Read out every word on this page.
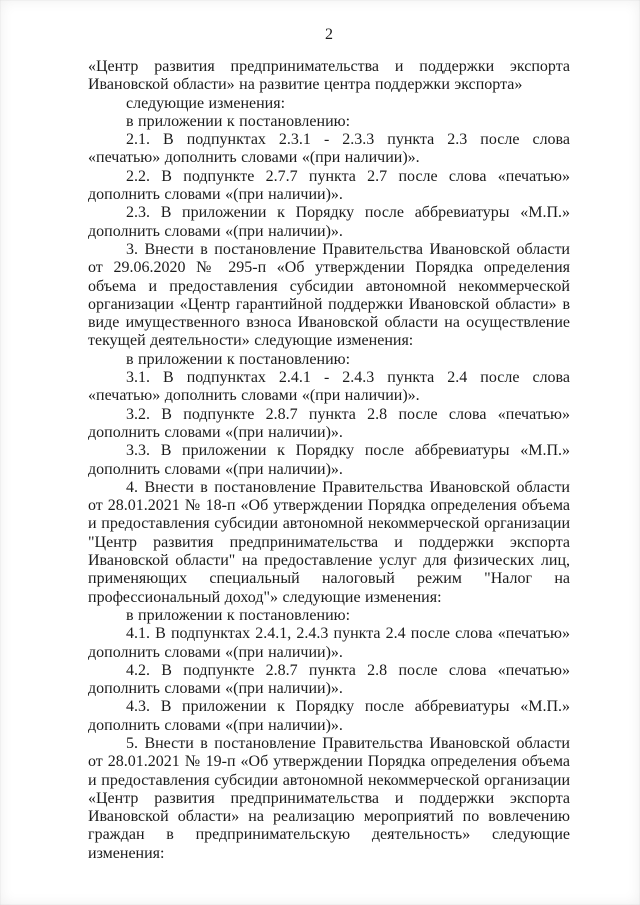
2

«Центр развития предпринимательства и поддержки экспорта Ивановской области» на развитие центра поддержки экспорта»

следующие изменения:

в приложении к постановлению:

2.1. В подпунктах 2.3.1 - 2.3.3 пункта 2.3 после слова «печатью» дополнить словами «(при наличии)».

2.2. В подпункте 2.7.7 пункта 2.7 после слова «печатью» дополнить словами «(при наличии)».

2.3. В приложении к Порядку после аббревиатуры «М.П.» дополнить словами «(при наличии)».

3. Внести в постановление Правительства Ивановской области от 29.06.2020 № 295-п «Об утверждении Порядка определения объема и предоставления субсидии автономной некоммерческой организации «Центр гарантийной поддержки Ивановской области» в виде имущественного взноса Ивановской области на осуществление текущей деятельности» следующие изменения:

в приложении к постановлению:

3.1. В подпунктах 2.4.1 - 2.4.3 пункта 2.4 после слова «печатью» дополнить словами «(при наличии)».

3.2. В подпункте 2.8.7 пункта 2.8 после слова «печатью» дополнить словами «(при наличии)».

3.3. В приложении к Порядку после аббревиатуры «М.П.» дополнить словами «(при наличии)».

4. Внести в постановление Правительства Ивановской области от 28.01.2021 № 18-п «Об утверждении Порядка определения объема и предоставления субсидии автономной некоммерческой организации "Центр развития предпринимательства и поддержки экспорта Ивановской области" на предоставление услуг для физических лиц, применяющих специальный налоговый режим "Налог на профессиональный доход"» следующие изменения:

в приложении к постановлению:

4.1. В подпунктах 2.4.1, 2.4.3 пункта 2.4 после слова «печатью» дополнить словами «(при наличии)».

4.2. В подпункте 2.8.7 пункта 2.8 после слова «печатью» дополнить словами «(при наличии)».

4.3. В приложении к Порядку после аббревиатуры «М.П.» дополнить словами «(при наличии)».

5. Внести в постановление Правительства Ивановской области от 28.01.2021 № 19-п «Об утверждении Порядка определения объема и предоставления субсидии автономной некоммерческой организации «Центр развития предпринимательства и поддержки экспорта Ивановской области» на реализацию мероприятий по вовлечению граждан в предпринимательскую деятельность» следующие изменения:
